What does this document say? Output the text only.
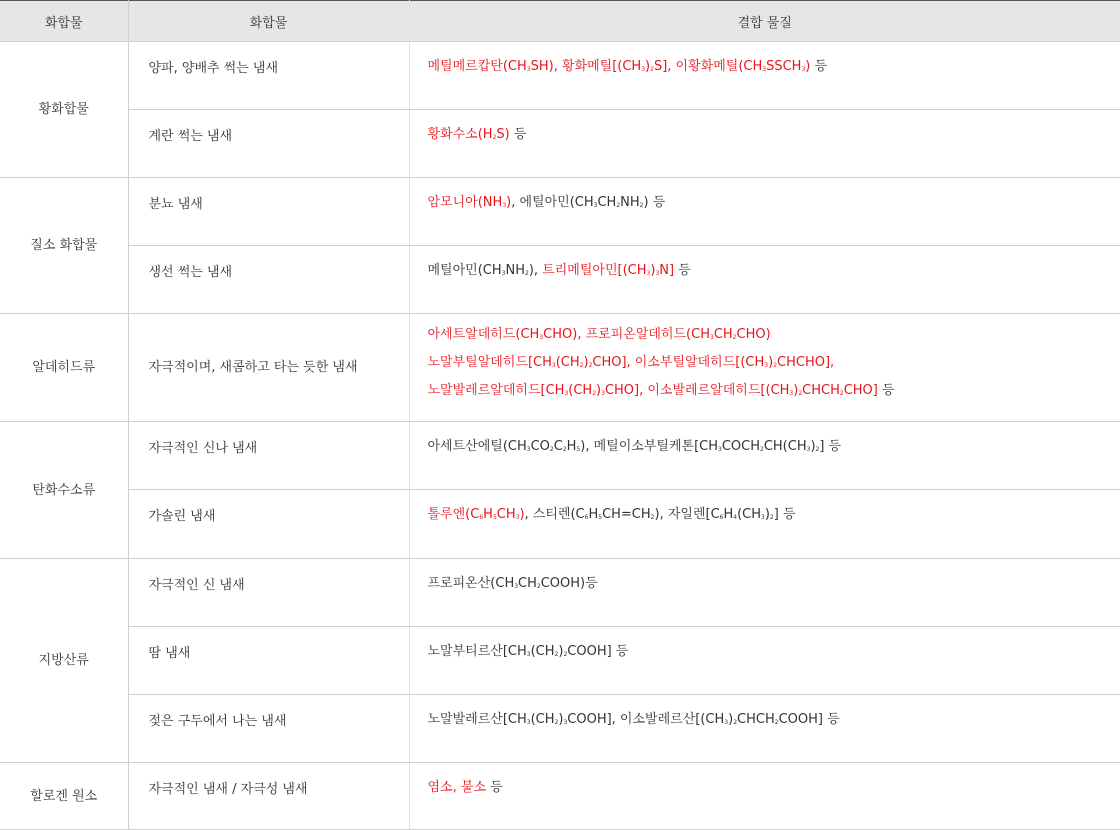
화합물	화합물	결합 물질
황화합물	양파, 양배추 썩는 냄새	메틸메르캅탄$(CH_3SH)$, 황화메틸$[(CH_3)_2S]$, 이황화메틸$(CH_3SSCH_3)$ 등

	계란 썩는 냄새	황화수소$(H_2S)$ 등

질소 화합물	분뇨 냄새	암모니아$(NH_3)$, 에틸아민$(CH_3CH_2NH_2)$ 등

	생선 썩는 냄새	메틸아민$(CH_3NH_2)$, 트리메틸아민$[(CH_3)_3N]$ 등

알데히드류	자극적이며, 새콤하고 타는 듯한 냄새	아세트알데히드$(CH_3CHO)$, 프로피온알데히드$(CH_3CH_2CHO)$
노말부틸알데히드$[CH_3(CH_2)_2CHO]$, 이소부틸알데히드$[(CH_3)_2CHCHO]$,
노말발레르알데히드$[CH_3(CH_2)_3CHO]$, 이소발레르알데히드$[(CH_3)_2CHCH_2CHO]$ 등

탄화수소류	자극적인 신나 냄새	아세트산에틸$(CH_3CO_2C_2H_5)$, 메틸이소부틸케톤$[CH_3COCH_2CH(CH_3)_2]$ 등

	가솔린 냄새	톨루엔$(C_6H_5CH_3)$, 스티렌$(C_6H_5CH=CH_2)$, 자일렌$[C_6H_4(CH_3)_2]$ 등

지방산류	자극적인 신 냄새	프로피온산$(CH_3CH_2COOH)$등

	땀 냄새	노말부티르산$[CH_3(CH_2)_2COOH]$ 등

	젖은 구두에서 나는 냄새	노말발레르산$[CH_3(CH_2)_3COOH]$, 이소발레르산$[(CH_3)_2CHCH_2COOH]$ 등

할로겐 원소	자극적인 냄새 / 자극성 냄새	염소, 불소 등
